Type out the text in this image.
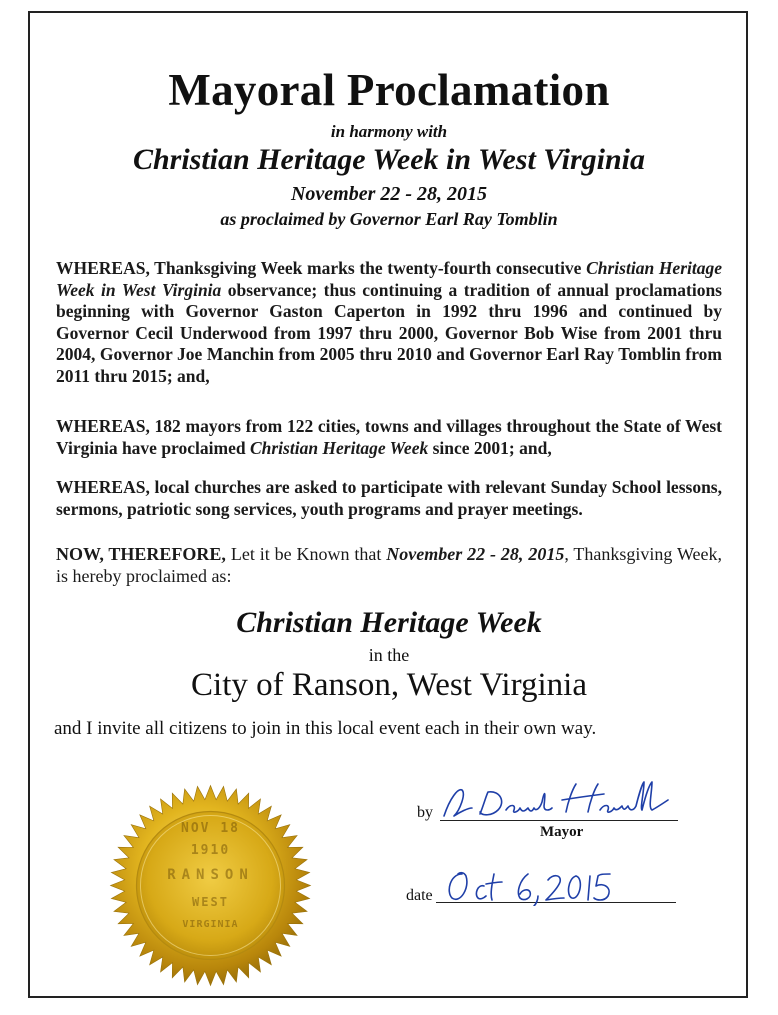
Mayoral Proclamation
in harmony with
Christian Heritage Week in West Virginia
November 22 - 28, 2015
as proclaimed by Governor Earl Ray Tomblin
WHEREAS, Thanksgiving Week marks the twenty-fourth consecutive Christian Heritage Week in West Virginia observance; thus continuing a tradition of annual proclamations beginning with Governor Gaston Caperton in 1992 thru 1996 and continued by Governor Cecil Underwood from 1997 thru 2000, Governor Bob Wise from 2001 thru 2004, Governor Joe Manchin from 2005 thru 2010 and Governor Earl Ray Tomblin from 2011 thru 2015; and,
WHEREAS, 182 mayors from 122 cities, towns and villages throughout the State of West Virginia have proclaimed Christian Heritage Week since 2001; and,
WHEREAS, local churches are asked to participate with relevant Sunday School lessons, sermons, patriotic song services, youth programs and prayer meetings.
NOW, THEREFORE, Let it be Known that November 22 - 28, 2015, Thanksgiving Week, is hereby proclaimed as:
Christian Heritage Week
in the
City of Ranson, West Virginia
and I invite all citizens to join in this local event each in their own way.
NOV 18
1910
RANSON
WEST
VIRGINIA
by
Mayor
date
